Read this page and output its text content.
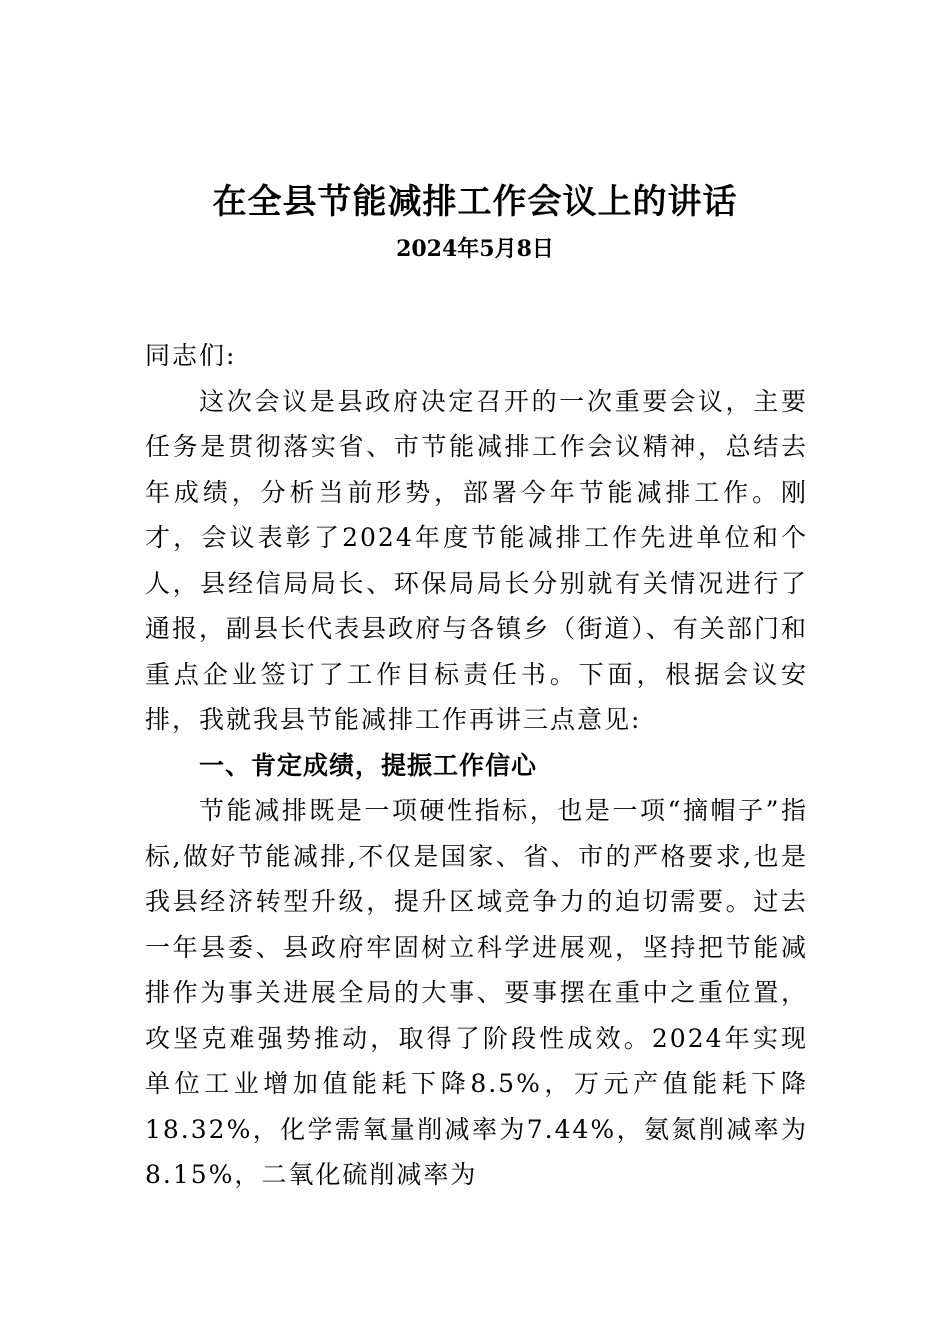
在全县节能减排工作会议上的讲话
2024年5月8日

同志们:

这次会议是县政府决定召开的一次重要会议，主要任务是贯彻落实省、市节能减排工作会议精神，总结去年成绩，分析当前形势，部署今年节能减排工作。刚才，会议表彰了2024年度节能减排工作先进单位和个人，县经信局局长、环保局局长分别就有关情况进行了通报，副县长代表县政府与各镇乡（街道）、有关部门和重点企业签订了工作目标责任书。下面，根据会议安排，我就我县节能减排工作再讲三点意见:

一、肯定成绩，提振工作信心

节能减排既是一项硬性指标，也是一项“摘帽子”指标,做好节能减排,不仅是国家、省、市的严格要求,也是我县经济转型升级，提升区域竞争力的迫切需要。过去一年县委、县政府牢固树立科学进展观，坚持把节能减排作为事关进展全局的大事、要事摆在重中之重位置，攻坚克难强势推动，取得了阶段性成效。2024年实现单位工业增加值能耗下降8.5%，万元产值能耗下降18.32%，化学需氧量削减率为7.44%，氨氮削减率为8.15%，二氧化硫削减率为
